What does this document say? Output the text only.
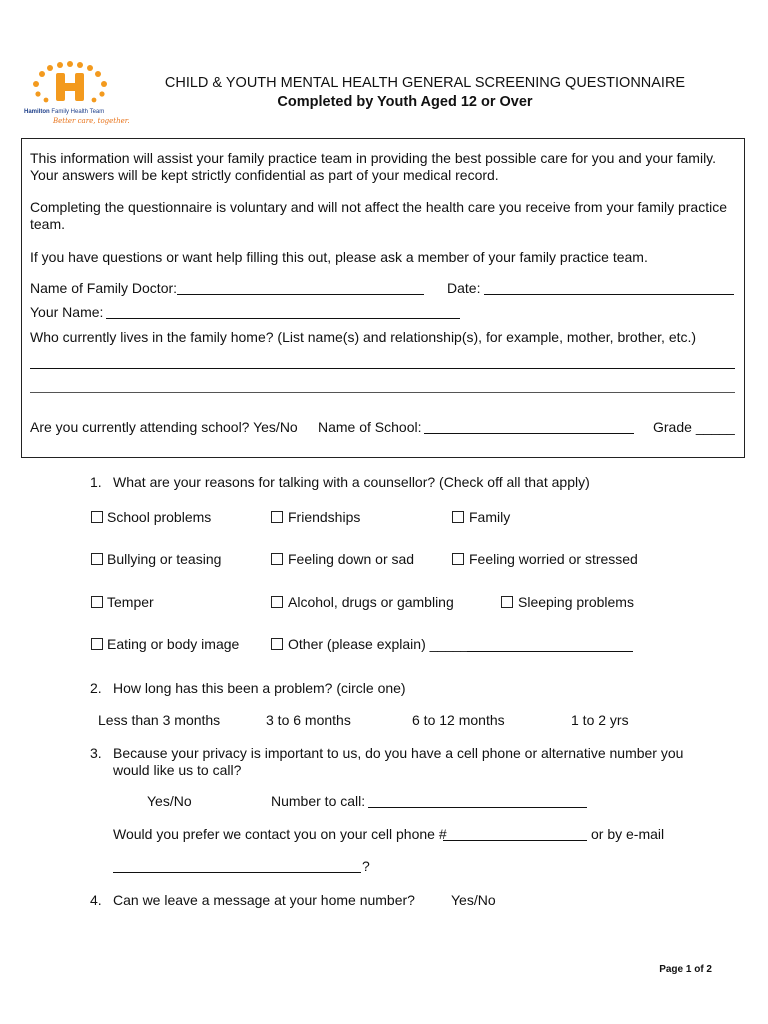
Hamilton Family Health Team
Better care, together.
CHILD & YOUTH MENTAL HEALTH GENERAL SCREENING QUESTIONNAIRE
Completed by Youth Aged 12 or Over
This information will assist your family practice team in providing the best possible care for you and your family. Your answers will be kept strictly confidential as part of your medical record.
Completing the questionnaire is voluntary and will not affect the health care you receive from your family practice team.
If you have questions or want help filling this out, please ask a member of your family practice team.
Name of Family Doctor:	Date:
Your Name:
Who currently lives in the family home? (List name(s) and relationship(s), for example, mother, brother, etc.)
Are you currently attending school? Yes/No Name of School:	Grade _____
1. What are your reasons for talking with a counsellor? (Check off all that apply)
School problems	Friendships	Family
Bullying or teasing	Feeling down or sad	Feeling worried or stressed
Temper	Alcohol, drugs or gambling	Sleeping problems
Eating or body image	Other (please explain) _____
2. How long has this been a problem? (circle one)
Less than 3 months	3 to 6 months	6 to 12 months	1 to 2 yrs
3. Because your privacy is important to us, do you have a cell phone or alternative number you
would like us to call?
Yes/No	Number to call:
Would you prefer we contact you on your cell phone #	or by e-mail
?
4. Can we leave a message at your home number?	Yes/No
Page 1 of 2
